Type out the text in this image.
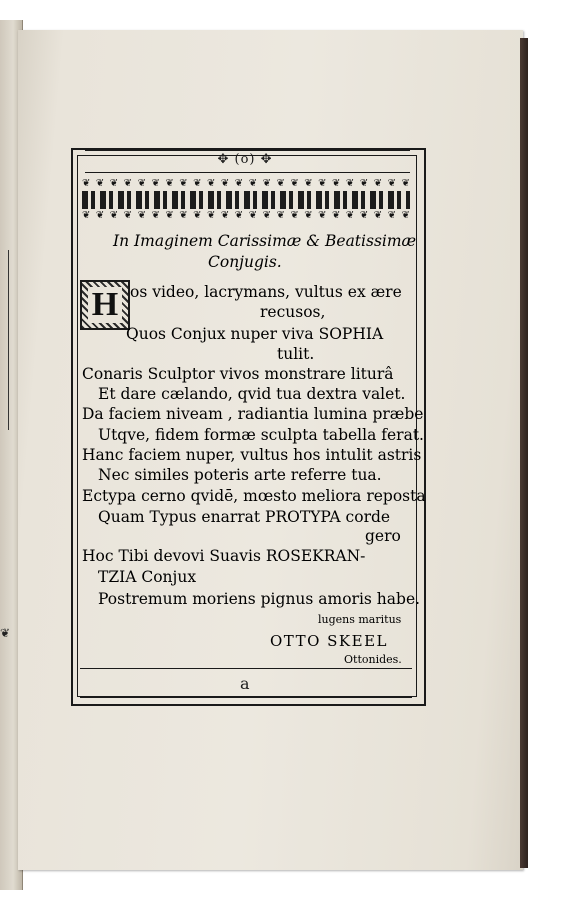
❦
✥ (o) ✥
❦ ❦ ❦ ❦ ❦ ❦ ❦ ❦ ❦ ❦ ❦ ❦ ❦ ❦ ❦ ❦ ❦ ❦ ❦ ❦ ❦ ❦ ❦ ❦
❦ ❦ ❦ ❦ ❦ ❦ ❦ ❦ ❦ ❦ ❦ ❦ ❦ ❦ ❦ ❦ ❦ ❦ ❦ ❦ ❦ ❦ ❦ ❦
In Imaginem Carissimæ & Beatissimæ
Conjugis.
H os video, lacrymans, vultus ex ære
recusos,
Quos Conjux nuper viva SOPHIA
tulit.
Conaris Sculptor vivos monstrare liturâ
Et dare cælando, qvid tua dextra valet.
Da faciem niveam , radiantia lumina præbe
Utqve, fidem formæ sculpta tabella ferat.
Hanc faciem nuper, vultus hos intulit astris
Nec similes poteris arte referre tua.
Ectypa cerno qvidē, mœsto meliora reposta
Quam Typus enarrat PROTYPA corde
gero
Hoc Tibi devovi Suavis ROSEKRAN-
TZIA Conjux
Postremum moriens pignus amoris habe.
lugens maritus
OTTO SKEEL
Ottonides.
a
